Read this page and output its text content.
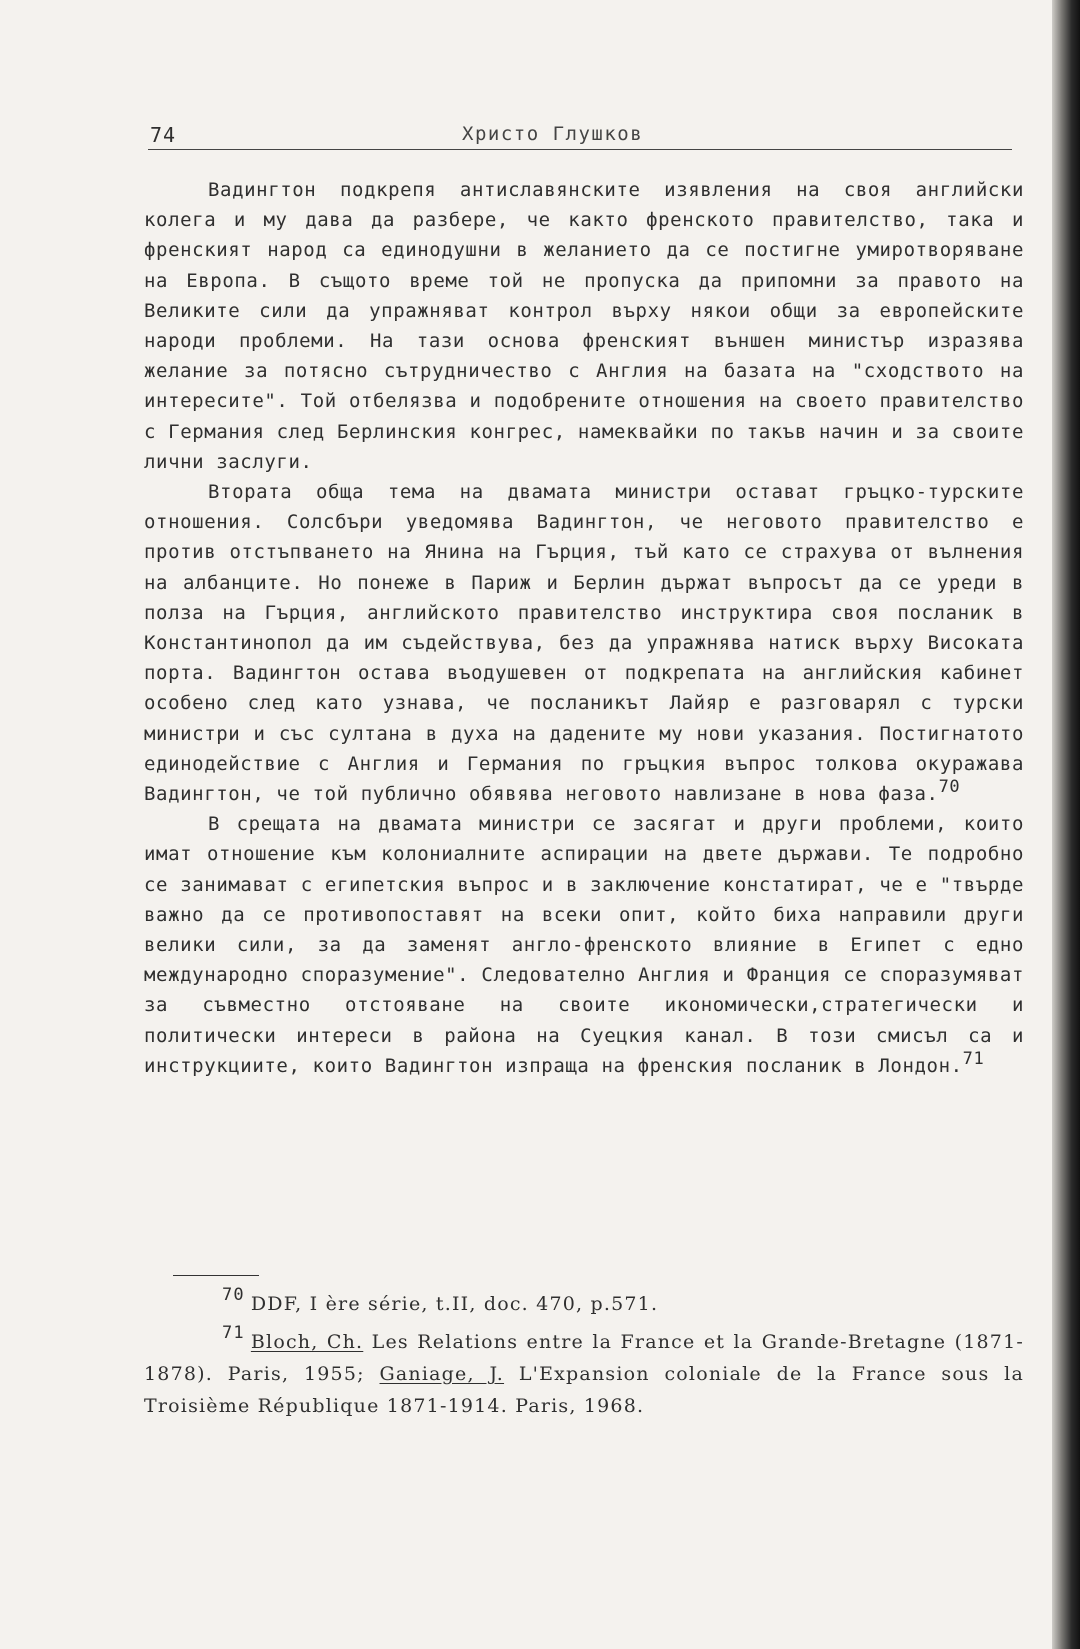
74	Христо Глушков

Вадингтон подкрепя антиславянските изявления на своя английски колега и му дава да разбере, че както френското правителство, така и френският народ са единодушни в желанието да се постигне умиротворяване на Европа. В същото време той не пропуска да припомни за правото на Великите сили да упражняват контрол върху някои общи за европейските народи проблеми. На тази основа френският външен министър изразява желание за потясно сътрудничество с Англия на базата на "сходството на интересите". Той отбелязва и подобрените отношения на своето правителство с Германия след Берлинския конгрес, намеквайки по такъв начин и за своите лични заслуги.

Втората обща тема на двамата министри остават гръцко-турските отношения. Солсбъри уведомява Вадингтон, че неговото правителство е против отстъпването на Янина на Гърция, тъй като се страхува от вълнения на албанците. Но понеже в Париж и Берлин държат въпросът да се уреди в полза на Гърция, английското правителство инструктира своя посланик в Константинопол да им съдействува, без да упражнява натиск върху Високата порта. Вадингтон остава въодушевен от подкрепата на английския кабинет особено след като узнава, че посланикът Лайяр е разговарял с турски министри и със султана в духа на дадените му нови указания. Постигнатото единодействие с Англия и Германия по гръцкия въпрос толкова окуражава Вадингтон, че той публично обявява неговото навлизане в нова фаза.$^{70}$

В срещата на двамата министри се засягат и други проблеми, които имат отношение към колониалните аспирации на двете държави. Те подробно се занимават с египетския въпрос и в заключение констатират, че е "твърде важно да се противопоставят на всеки опит, който биха направили други велики сили, за да заменят англо-френското влияние в Египет с едно международно споразумение". Следователно Англия и Франция се споразумяват за съвместно отстояване на своите икономически,стратегически и политически интереси в района на Суецкия канал. В този смисъл са и инструкциите, които Вадингтон изпраща на френския посланик в Лондон.$^{71}$

$^{70}$ DDF, I ère série, t.II, doc. 470, p.571.

$^{71}$ Bloch, Ch. Les Relations entre la France et la Grande-Bretagne (1871-1878). Paris, 1955; Ganiage, J. L'Expansion coloniale de la France sous la Troisième République 1871-1914. Paris, 1968.
